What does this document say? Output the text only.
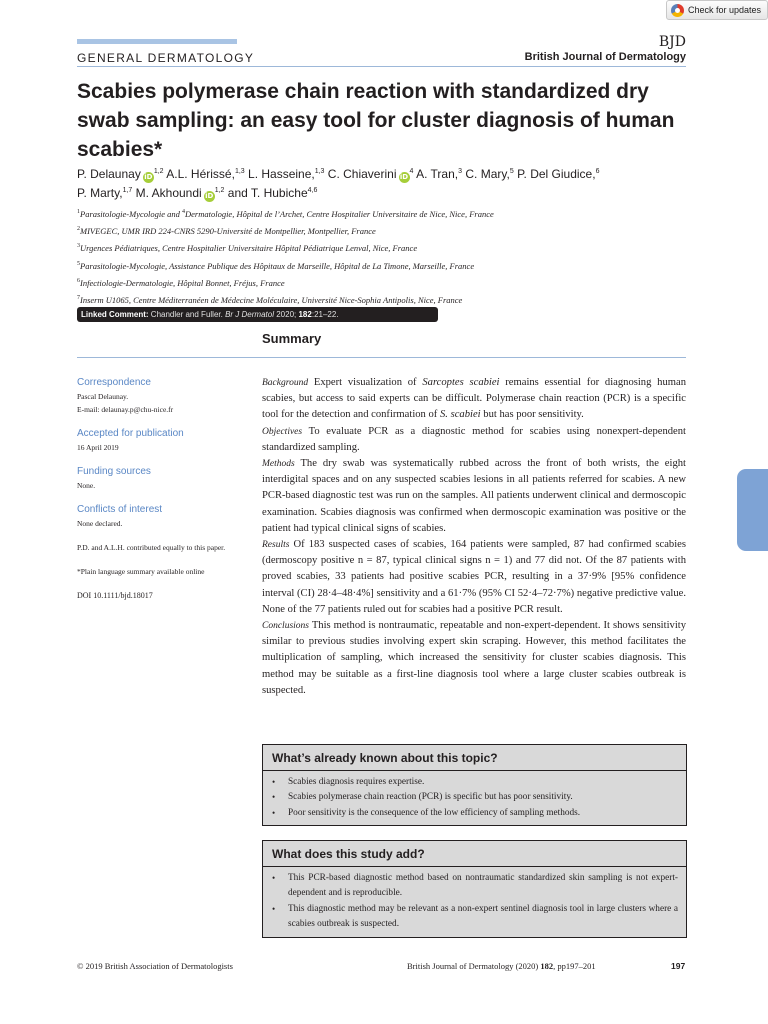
Check for updates
GENERAL DERMATOLOGY
BJD
British Journal of Dermatology
Scabies polymerase chain reaction with standardized dry swab sampling: an easy tool for cluster diagnosis of human scabies*
P. Delaunay iD$^{1,2}$ A.L. Hérissé,$^{1,3}$ L. Hasseine,$^{1,3}$ C. Chiaverini $iD^4$ A. Tran,$^3$ C. Mary,$^5$ P. Del Giudice,$^6$
P. Marty,$^{1,7}$ M. Akhoundi iD$^{1,2}$ and T. Hubiche$^{4,6}$
$^1$Parasitologie-Mycologie and $^4$Dermatologie, Hôpital de l’Archet, Centre Hospitalier Universitaire de Nice, Nice, France
$^2$MIVEGEC, UMR IRD 224-CNRS 5290-Université de Montpellier, Montpellier, France
$^3$Urgences Pédiatriques, Centre Hospitalier Universitaire Hôpital Pédiatrique Lenval, Nice, France
$^5$Parasitologie-Mycologie, Assistance Publique des Hôpitaux de Marseille, Hôpital de La Timone, Marseille, France
$^6$Infectiologie-Dermatologie, Hôpital Bonnet, Fréjus, France
$^7$Inserm U1065, Centre Méditerranéen de Médecine Moléculaire, Université Nice-Sophia Antipolis, Nice, France
Linked Comment: Chandler and Fuller. Br J Dermatol 2020; 182:21–22.
Summary
Correspondence
Pascal Delaunay.
E-mail: delaunay.p@chu-nice.fr
Accepted for publication
16 April 2019
Funding sources
None.
Conflicts of interest
None declared.
P.D. and A.L.H. contributed equally to this paper.
*Plain language summary available online
DOI 10.1111/bjd.18017

Background Expert visualization of Sarcoptes scabiei remains essential for diagnosing human scabies, but access to said experts can be difficult. Polymerase chain reaction (PCR) is a specific tool for the detection and confirmation of S. scabiei but has poor sensitivity.

Objectives To evaluate PCR as a diagnostic method for scabies using nonexpert-dependent standardized sampling.

Methods The dry swab was systematically rubbed across the front of both wrists, the eight interdigital spaces and on any suspected scabies lesions in all patients referred for scabies. A new PCR-based diagnostic test was run on the samples. All patients underwent clinical and dermoscopic examination. Scabies diagnosis was confirmed when dermoscopic examination was positive or the patient had typical clinical signs of scabies.

Results Of 183 suspected cases of scabies, 164 patients were sampled, 87 had confirmed scabies (dermoscopy positive n = 87, typical clinical signs n = 1) and 77 did not. Of the 87 patients with proved scabies, 33 patients had positive scabies PCR, resulting in a 37·9% [95% confidence interval (CI) 28·4–48·4%] sensitivity and a 61·7% (95% CI 52·4–72·7%) negative predictive value. None of the 77 patients ruled out for scabies had a positive PCR result.

Conclusions This method is nontraumatic, repeatable and non-expert-dependent. It shows sensitivity similar to previous studies involving expert skin scraping. However, this method facilitates the multiplication of sampling, which increased the sensitivity for cluster scabies diagnosis. This method may be suitable as a first-line diagnosis tool where a large cluster scabies outbreak is suspected.

What’s already known about this topic?
• Scabies diagnosis requires expertise.
• Scabies polymerase chain reaction (PCR) is specific but has poor sensitivity.
• Poor sensitivity is the consequence of the low efficiency of sampling methods.
What does this study add?
• This PCR-based diagnostic method based on nontraumatic standardized skin sampling is not expert-dependent and is reproducible.
• This diagnostic method may be relevant as a non-expert sentinel diagnosis tool in large clusters where a scabies outbreak is suspected.
© 2019 British Association of Dermatologists	British Journal of Dermatology (2020) 182, pp197–201	197
